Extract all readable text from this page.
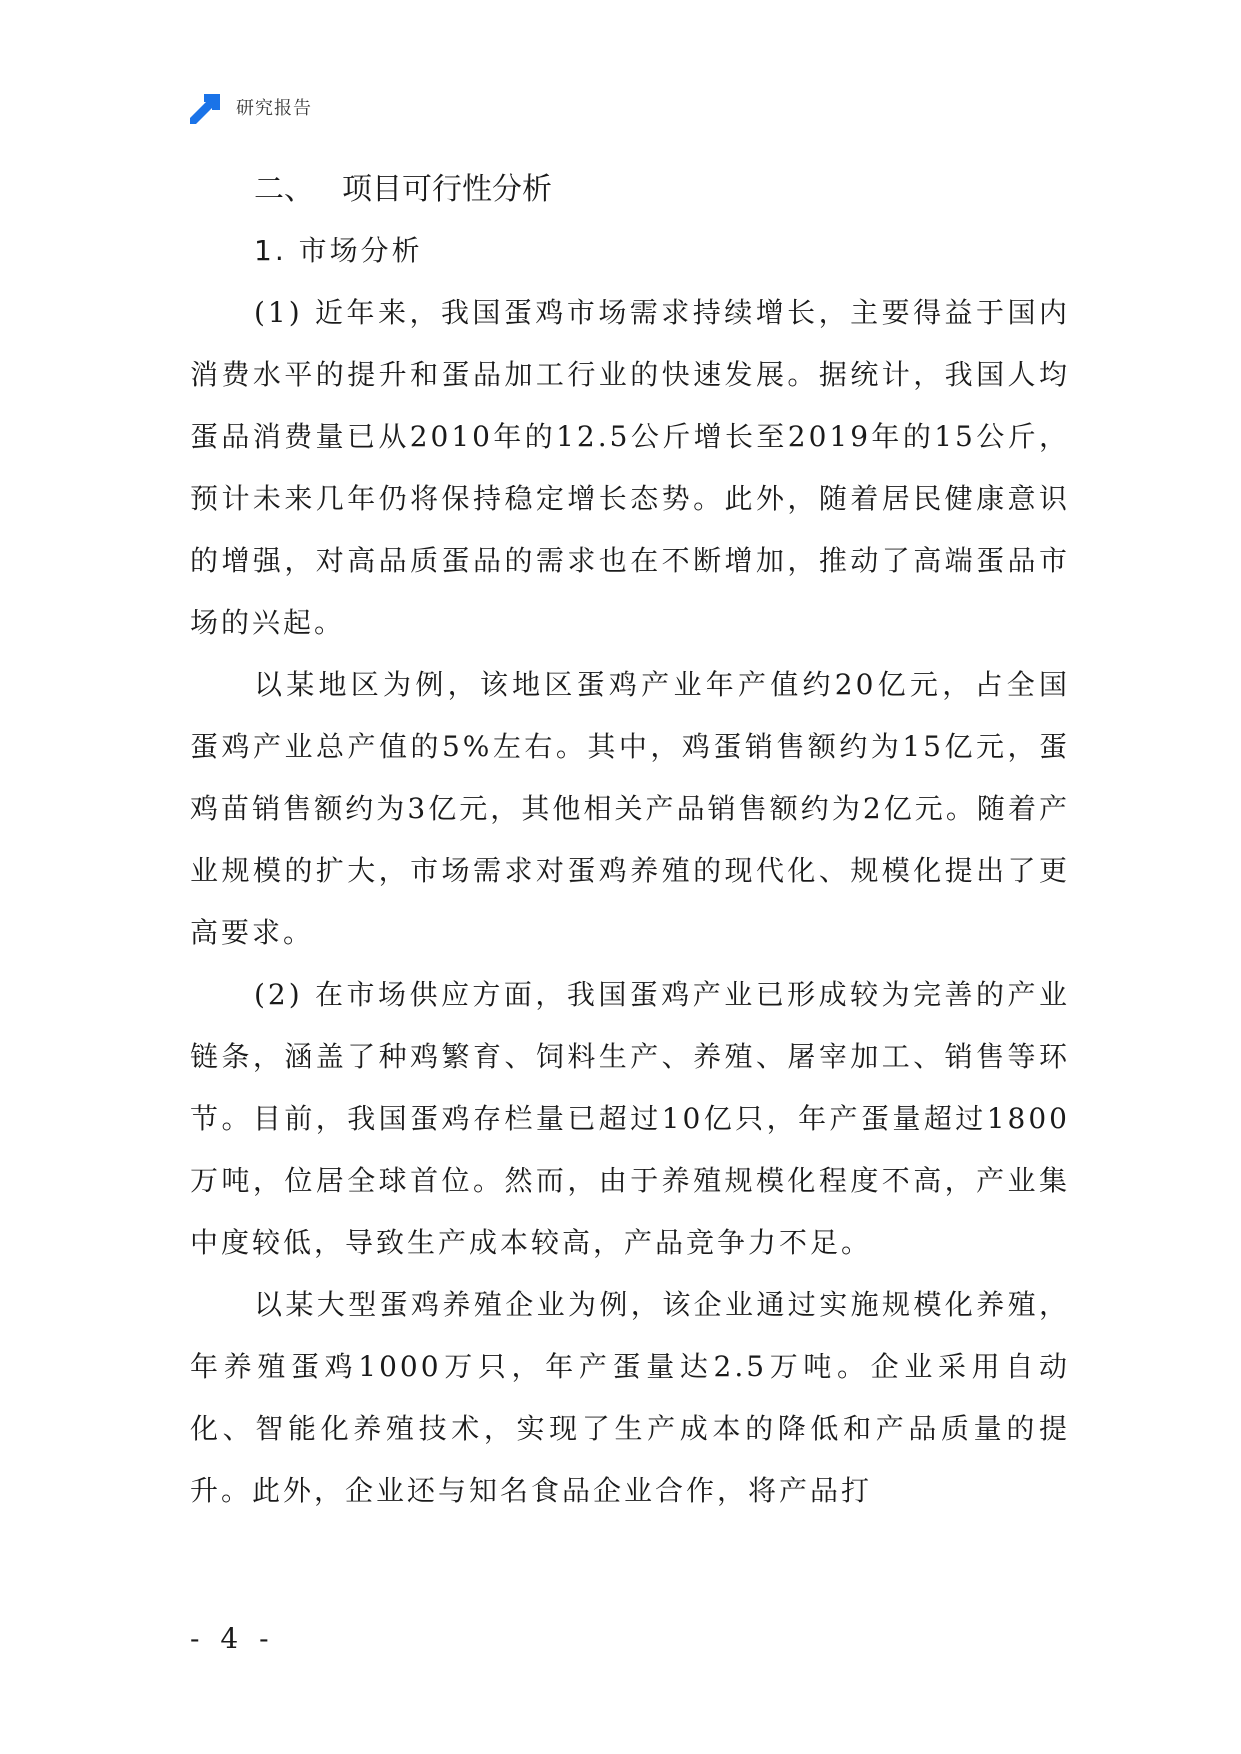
研究报告
二、 项目可行性分析
1. 市场分析

(1) 近年来，我国蛋鸡市场需求持续增长，主要得益于国内消费水平的提升和蛋品加工行业的快速发展。据统计，我国人均蛋品消费量已从2010年的12.5公斤增长至2019年的15公斤，预计未来几年仍将保持稳定增长态势。此外，随着居民健康意识的增强，对高品质蛋品的需求也在不断增加，推动了高端蛋品市场的兴起。

以某地区为例，该地区蛋鸡产业年产值约20亿元，占全国蛋鸡产业总产值的5%左右。其中，鸡蛋销售额约为15亿元，蛋鸡苗销售额约为3亿元，其他相关产品销售额约为2亿元。随着产业规模的扩大，市场需求对蛋鸡养殖的现代化、规模化提出了更高要求。

(2) 在市场供应方面，我国蛋鸡产业已形成较为完善的产业链条，涵盖了种鸡繁育、饲料生产、养殖、屠宰加工、销售等环节。目前，我国蛋鸡存栏量已超过10亿只，年产蛋量超过1800万吨，位居全球首位。然而，由于养殖规模化程度不高，产业集中度较低，导致生产成本较高，产品竞争力不足。

以某大型蛋鸡养殖企业为例，该企业通过实施规模化养殖，年养殖蛋鸡1000万只，年产蛋量达2.5万吨。企业采用自动化、智能化养殖技术，实现了生产成本的降低和产品质量的提升。此外，企业还与知名食品企业合作，将产品打

- 4 -
